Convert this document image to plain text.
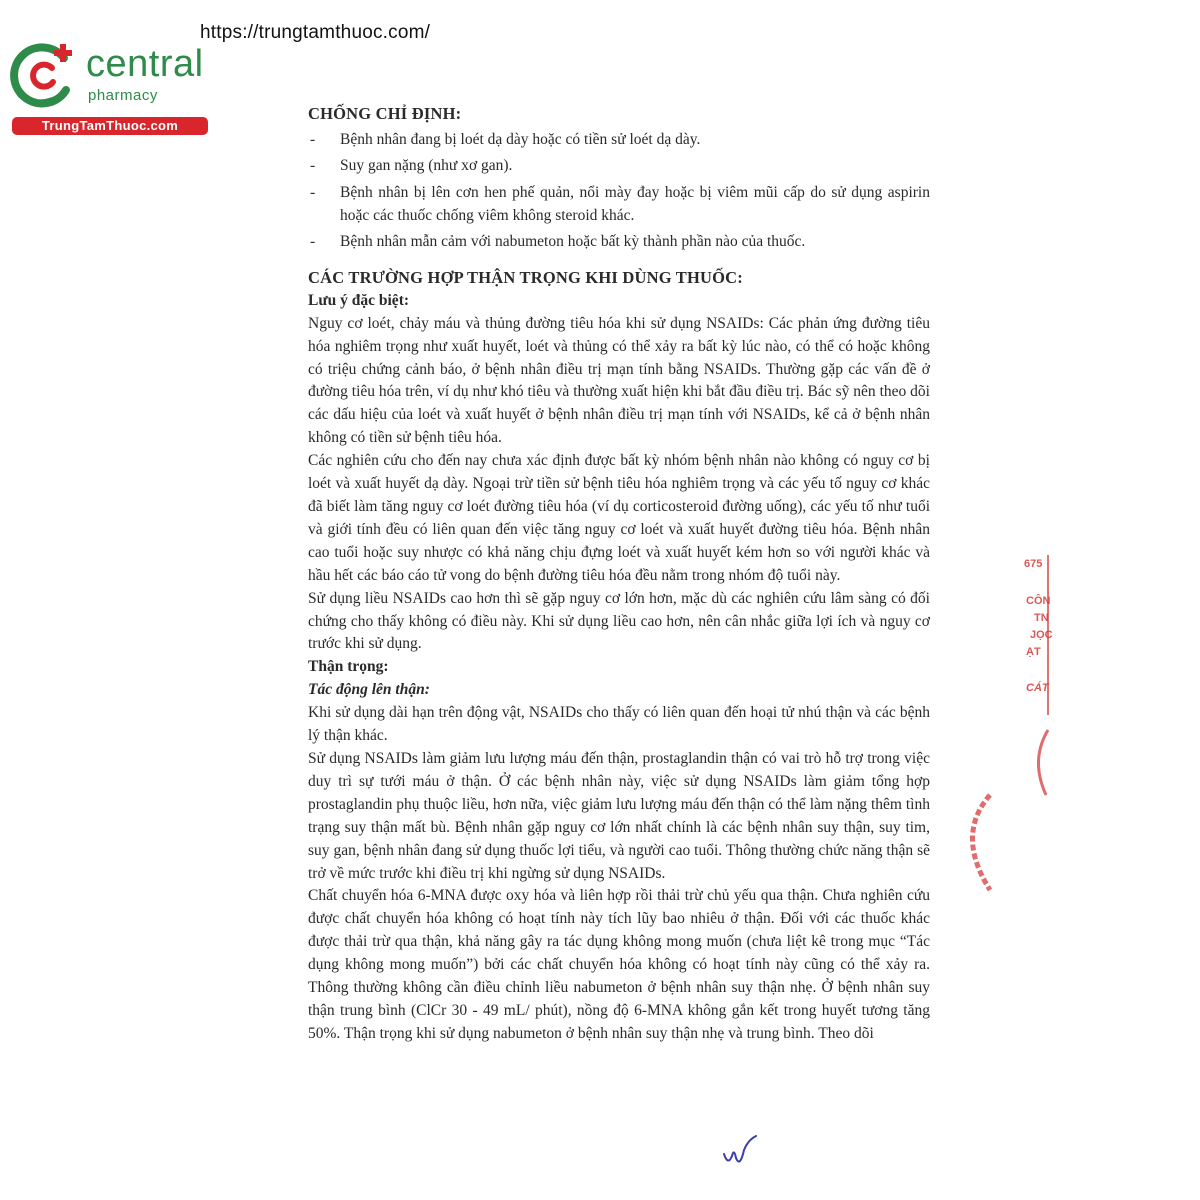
https://trungtamthuoc.com/
central
pharmacy
TrungTamThuoc.com
CHỐNG CHỈ ĐỊNH:
- Bệnh nhân đang bị loét dạ dày hoặc có tiền sử loét dạ dày.
- Suy gan nặng (như xơ gan).
- Bệnh nhân bị lên cơn hen phế quản, nổi mày đay hoặc bị viêm mũi cấp do sử dụng aspirin hoặc các thuốc chống viêm không steroid khác.
- Bệnh nhân mẫn cảm với nabumeton hoặc bất kỳ thành phần nào của thuốc.
CÁC TRƯỜNG HỢP THẬN TRỌNG KHI DÙNG THUỐC:
Lưu ý đặc biệt:

Nguy cơ loét, chảy máu và thủng đường tiêu hóa khi sử dụng NSAIDs: Các phản ứng đường tiêu hóa nghiêm trọng như xuất huyết, loét và thủng có thể xảy ra bất kỳ lúc nào, có thể có hoặc không có triệu chứng cảnh báo, ở bệnh nhân điều trị mạn tính bằng NSAIDs. Thường gặp các vấn đề ở đường tiêu hóa trên, ví dụ như khó tiêu và thường xuất hiện khi bắt đầu điều trị. Bác sỹ nên theo dõi các dấu hiệu của loét và xuất huyết ở bệnh nhân điều trị mạn tính với NSAIDs, kể cả ở bệnh nhân không có tiền sử bệnh tiêu hóa.

Các nghiên cứu cho đến nay chưa xác định được bất kỳ nhóm bệnh nhân nào không có nguy cơ bị loét và xuất huyết dạ dày. Ngoại trừ tiền sử bệnh tiêu hóa nghiêm trọng và các yếu tố nguy cơ khác đã biết làm tăng nguy cơ loét đường tiêu hóa (ví dụ corticosteroid đường uống), các yếu tố như tuổi và giới tính đều có liên quan đến việc tăng nguy cơ loét và xuất huyết đường tiêu hóa. Bệnh nhân cao tuổi hoặc suy nhược có khả năng chịu đựng loét và xuất huyết kém hơn so với người khác và hầu hết các báo cáo tử vong do bệnh đường tiêu hóa đều nằm trong nhóm độ tuổi này.

Sử dụng liều NSAIDs cao hơn thì sẽ gặp nguy cơ lớn hơn, mặc dù các nghiên cứu lâm sàng có đối chứng cho thấy không có điều này. Khi sử dụng liều cao hơn, nên cân nhắc giữa lợi ích và nguy cơ trước khi sử dụng.

Thận trọng:
Tác động lên thận:

Khi sử dụng dài hạn trên động vật, NSAIDs cho thấy có liên quan đến hoại tử nhú thận và các bệnh lý thận khác.

Sử dụng NSAIDs làm giảm lưu lượng máu đến thận, prostaglandin thận có vai trò hỗ trợ trong việc duy trì sự tưới máu ở thận. Ở các bệnh nhân này, việc sử dụng NSAIDs làm giảm tổng hợp prostaglandin phụ thuộc liều, hơn nữa, việc giảm lưu lượng máu đến thận có thể làm nặng thêm tình trạng suy thận mất bù. Bệnh nhân gặp nguy cơ lớn nhất chính là các bệnh nhân suy thận, suy tim, suy gan, bệnh nhân đang sử dụng thuốc lợi tiểu, và người cao tuổi. Thông thường chức năng thận sẽ trở về mức trước khi điều trị khi ngừng sử dụng NSAIDs.

Chất chuyển hóa 6-MNA được oxy hóa và liên hợp rồi thải trừ chủ yếu qua thận. Chưa nghiên cứu được chất chuyển hóa không có hoạt tính này tích lũy bao nhiêu ở thận. Đối với các thuốc khác được thải trừ qua thận, khả năng gây ra tác dụng không mong muốn (chưa liệt kê trong mục “Tác dụng không mong muốn”) bởi các chất chuyển hóa không có hoạt tính này cũng có thể xảy ra. Thông thường không cần điều chỉnh liều nabumeton ở bệnh nhân suy thận nhẹ. Ở bệnh nhân suy thận trung bình (ClCr 30 - 49 mL/ phút), nồng độ 6-MNA không gắn kết trong huyết tương tăng 50%. Thận trọng khi sử dụng nabumeton ở bệnh nhân suy thận nhẹ và trung bình. Theo dõi

675
CÔN
TN
JỌC
ẠT
CÁT
